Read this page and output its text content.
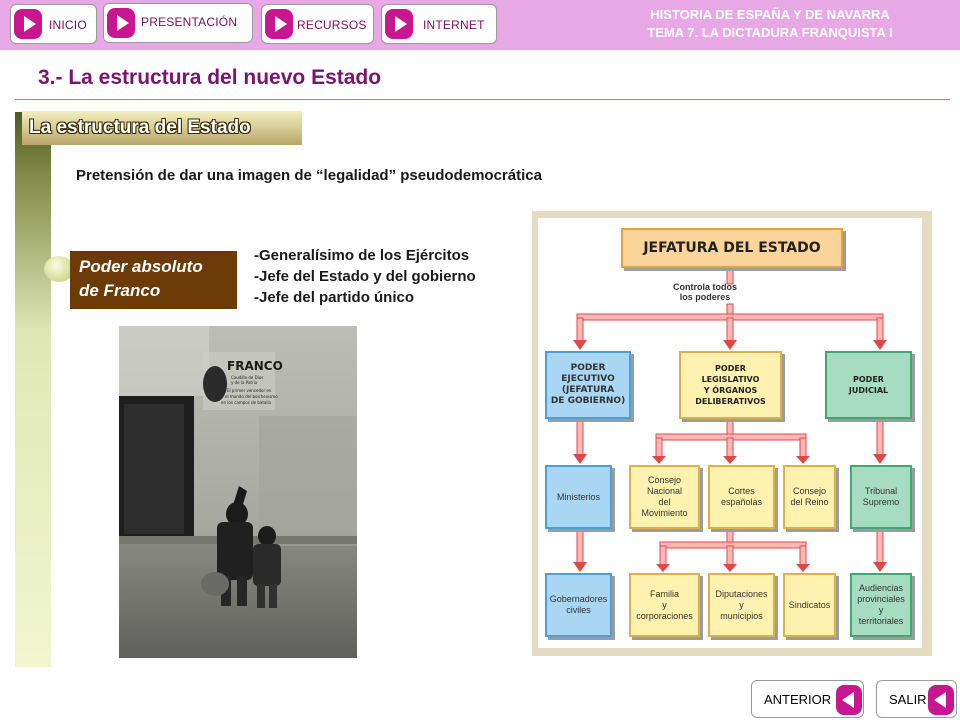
INICIO	PRESENTACIÓN	RECURSOS	INTERNET
HISTORIA DE ESPAÑA Y DE NAVARRA
TEMA 7. LA DICTADURA FRANQUISTA I
3.- La estructura del nuevo Estado
La estructura del Estado
Pretensión de dar una imagen de “legalidad” pseudodemocrática
Poder absoluto
de Franco
-Generalísimo de los Ejércitos
-Jefe del Estado y del gobierno
-Jefe del partido único
FRANCO
Caudillo de Dios
y de la Patria
El primer vencedor en
el mundo del bolchevismo
en los campos de batalla
JEFATURA DEL ESTADO
Controla todos
los poderes
PODER
EJECUTIVO
(JEFATURA
DE GOBIERNO)
PODER
LEGISLATIVO
Y ÓRGANOS
DELIBERATIVOS
PODER
JUDICIAL
Ministerios
Consejo
Nacional
del
Movimiento
Cortes
españolas
Consejo
del Reino
Tribunal
Supremo
Gobernadores
civiles
Familia
y
corporaciones
Diputaciones
y
municipios
Sindicatos
Audiencias
provinciales
y
territoriales
ANTERIOR	SALIR
